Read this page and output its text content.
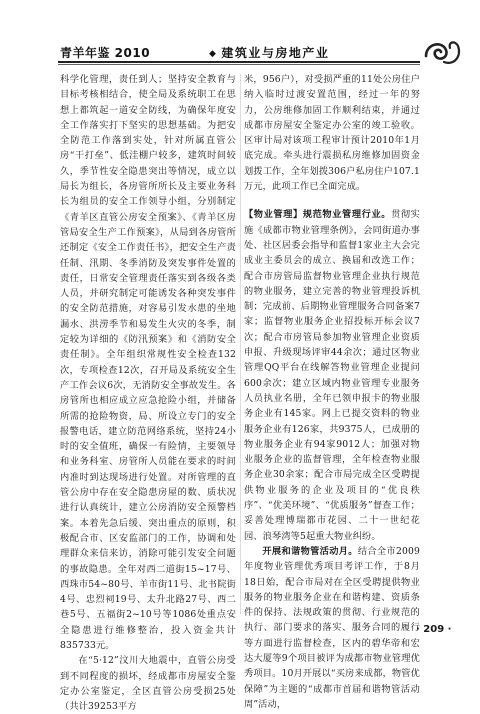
青羊年鉴 2010	◆ 建筑业与房地产业

科学化管理，责任到人；坚持安全教育与目标考核相结合，使全局及系统职工在思想上都筑起一道安全防线，为确保年度安全工作落实打下坚实的思想基础。为把安全防范工作落到实处，针对所属直管公房“干打垒”、低洼棚户较多，建筑时间较久，季节性安全隐患突出等情况，成立以局长为组长，各房管所所长及主要业务科长为组员的安全工作领导小组，分别制定《青羊区直管公房安全预案》、《青羊区房管局安全生产工作预案》，从局到各房管所还制定《安全工作责任书》，把安全生产责任制、汛期、冬季消防及突发事件处置的责任，日常安全管理责任落实到各级各类人员，并研究制定可能诱发各种突发事件的安全防范措施，对容易引发水患的坐地漏水、洪涝季节和易发生火灾的冬季，制定较为详细的《防汛预案》和《消防安全责任制》。全年组织常规性安全检查132次，专项检查12次，召开局及系统安全生产工作会议6次，无消防安全事故发生。各房管所也相应成立应急抢险小组，并储备所需的抢险物资，局、所设立专门的安全报警电话，建立防范网络系统，坚持24小时的安全值班，确保一有险情，主要领导和业务科室、房管所人员能在要求的时间内准时到达现场进行处置。对所管理的直管公房中存在安全隐患房屋的数、质状况进行认真统计，建立公房消防安全预警档案。本着先急后缓、突出重点的原则，积极配合市、区安监部门的工作，协调和处理群众来信来访，消除可能引发安全问题的事故隐患。全年对西二道街15~17号、西珠市54~80号、羊市街11号、北书院街4号、忠烈祠19号、太升北路27号、西二巷5号、五福街2~10号等1086处重点安全隐患进行维修整治，投入资金共计835733元。

在“5·12”汶川大地震中，直管公房受到不同程度的损坏，经成都市房屋安全鉴定办公室鉴定，全区直管公房受损25处（共计39253平方

米，956户），对受损严重的11处公房住户纳入临时过渡安置范围，经过一年的努力，公房维修加固工作顺利结束，并通过成都市房屋安全鉴定办公室的竣工验收。区审计局对该项工程审计预计2010年1月底完成。牵头进行震损私房维修加固资金划拨工作，全年划拨306户私房住户107.1万元，此项工作已全面完成。

【物业管理】规范物业管理行业。贯彻实施《成都市物业管理条例》，会同街道办事处、社区居委会指导和监督1家业主大会完成业主委员会的成立、换届和改选工作；配合市房管局监督物业管理企业执行规范的物业服务，建立完善的物业管理投诉机制；完成前、后期物业管理服务合同备案7家；监督物业服务企业招投标开标会议7次；配合市房管局参加物业管理企业资质申报、升级现场评审44余次；通过区物业管理QQ平台在线解答物业管理企业提问600余次；建立区域内物业管理专业服务人员执业名册，全年已领申报卡的物业服务企业有145家。网上已提交资料的物业服务企业有126家，共9375人，已成册的物业服务企业有94家9012人；加强对物业服务企业的监督管理，全年检查物业服务企业30余家；配合市局完成全区受聘提供物业服务的企业及项目的“优良秩序”、“优美环境”、“优质服务”督查工作；妥善处理博瑞都市花园、二十一世纪花园、浪琴湾等5起重大物业纠纷。

开展和谐物管活动月。结合全市2009年度物业管理优秀项目考评工作，于8月18日始，配合市局对在全区受聘提供物业服务的物业服务企业在和谐构建、资质条件的保持、法规政策的贯彻、行业规范的执行、部门要求的落实、服务合同的履行等方面进行监督检查，区内的碧华帝和宏达大厦等9个项目被评为成都市物业管理优秀项目。10月开展以“买房来成都，物管优保障”为主题的“成都市首届和谐物管活动周”活动，

· 209 ·
